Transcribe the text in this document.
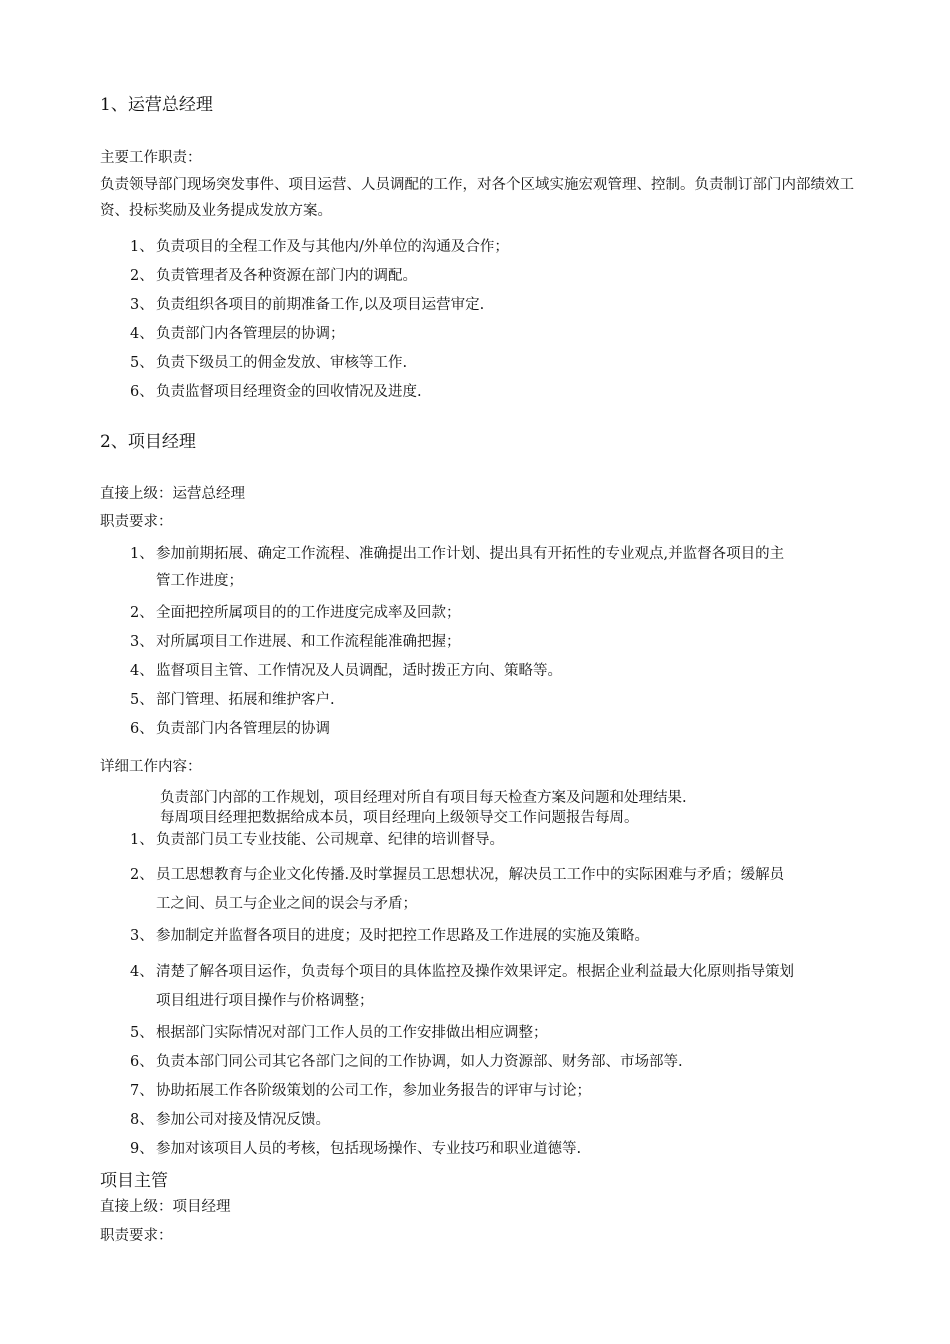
1、运营总经理
主要工作职责：
负责领导部门现场突发事件、项目运营、人员调配的工作，对各个区域实施宏观管理、控制。负责制订部门内部绩效工资、投标奖励及业务提成发放方案。
1、 负责项目的全程工作及与其他内/外单位的沟通及合作；
2、 负责管理者及各种资源在部门内的调配。
3、 负责组织各项目的前期准备工作,以及项目运营审定.
4、 负责部门内各管理层的协调；
5、 负责下级员工的佣金发放、审核等工作.
6、 负责监督项目经理资金的回收情况及进度.
2、项目经理
直接上级：运营总经理
职责要求：
1、 参加前期拓展、确定工作流程、准确提出工作计划、提出具有开拓性的专业观点,并监督各项目的主
管工作进度；
2、 全面把控所属项目的的工作进度完成率及回款；
3、 对所属项目工作进展、和工作流程能准确把握；
4、 监督项目主管、工作情况及人员调配，适时拨正方向、策略等。
5、 部门管理、拓展和维护客户.
6、 负责部门内各管理层的协调
详细工作内容：
负责部门内部的工作规划，项目经理对所自有项目每天检查方案及问题和处理结果.
每周项目经理把数据给成本员，项目经理向上级领导交工作问题报告每周。
1、 负责部门员工专业技能、公司规章、纪律的培训督导。
2、 员工思想教育与企业文化传播.及时掌握员工思想状况，解决员工工作中的实际困难与矛盾；缓解员
工之间、员工与企业之间的误会与矛盾；
3、 参加制定并监督各项目的进度；及时把控工作思路及工作进展的实施及策略。
4、 清楚了解各项目运作，负责每个项目的具体监控及操作效果评定。根据企业利益最大化原则指导策划
项目组进行项目操作与价格调整；
5、 根据部门实际情况对部门工作人员的工作安排做出相应调整；
6、 负责本部门同公司其它各部门之间的工作协调，如人力资源部、财务部、市场部等.
7、 协助拓展工作各阶级策划的公司工作，参加业务报告的评审与讨论；
8、 参加公司对接及情况反馈。
9、 参加对该项目人员的考核，包括现场操作、专业技巧和职业道德等.
项目主管
直接上级：项目经理
职责要求：
